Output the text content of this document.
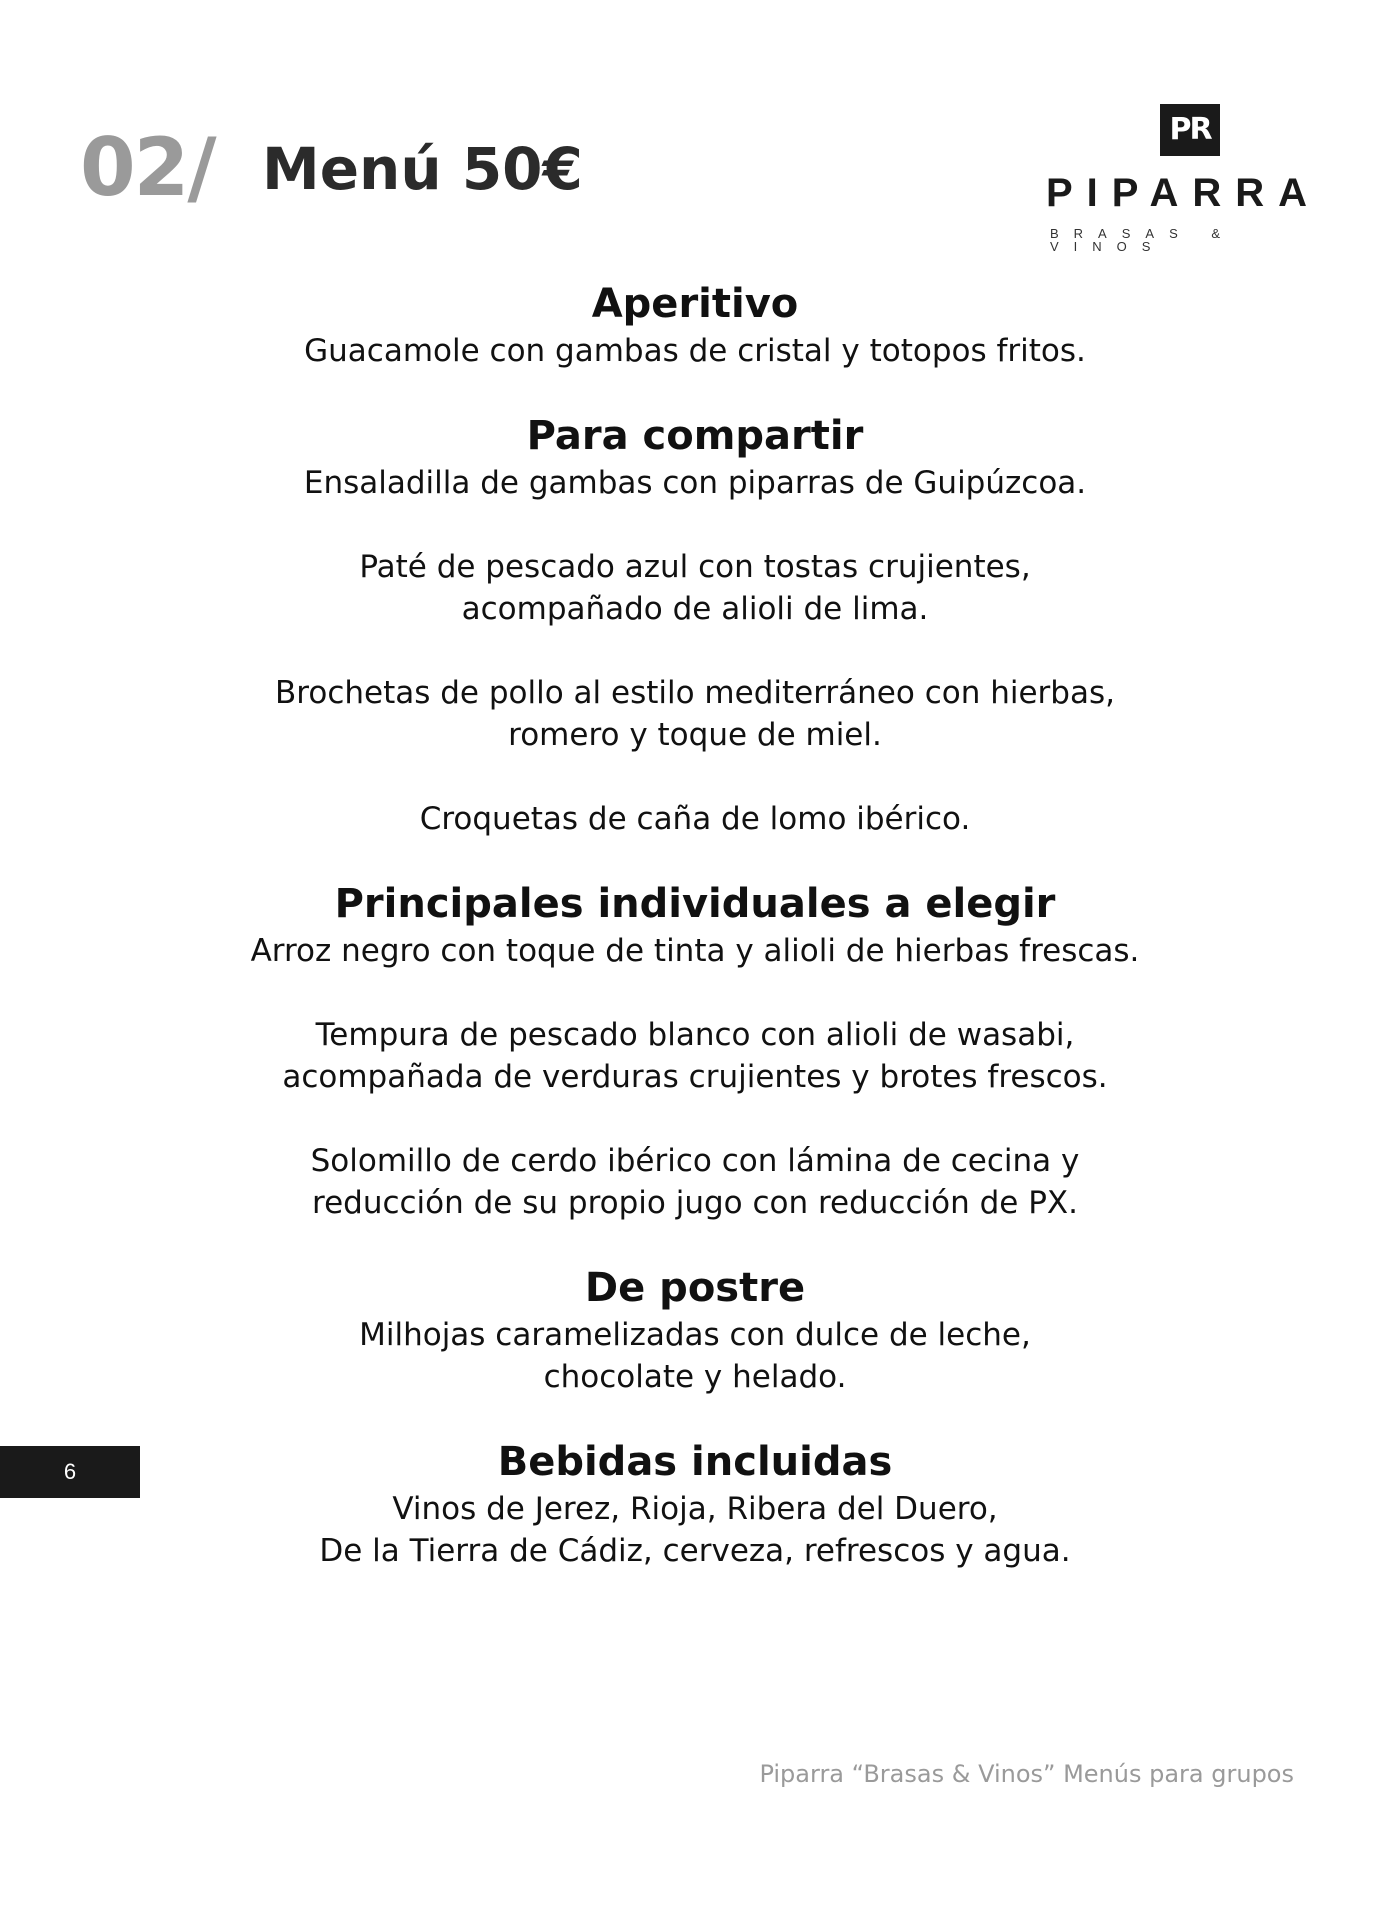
02/ Menú 50€
PR
PIPARRA
BRASAS & VINOS
Aperitivo
Guacamole con gambas de cristal y totopos fritos.
Para compartir
Ensaladilla de gambas con piparras de Guipúzcoa.
Paté de pescado azul con tostas crujientes,
acompañado de alioli de lima.
Brochetas de pollo al estilo mediterráneo con hierbas,
romero y toque de miel.
Croquetas de caña de lomo ibérico.
Principales individuales a elegir
Arroz negro con toque de tinta y alioli de hierbas frescas.
Tempura de pescado blanco con alioli de wasabi,
acompañada de verduras crujientes y brotes frescos.
Solomillo de cerdo ibérico con lámina de cecina y
reducción de su propio jugo con reducción de PX.
De postre
Milhojas caramelizadas con dulce de leche,
chocolate y helado.
Bebidas incluidas
Vinos de Jerez, Rioja, Ribera del Duero,
De la Tierra de Cádiz, cerveza, refrescos y agua.
6
Piparra “Brasas & Vinos” Menús para grupos
